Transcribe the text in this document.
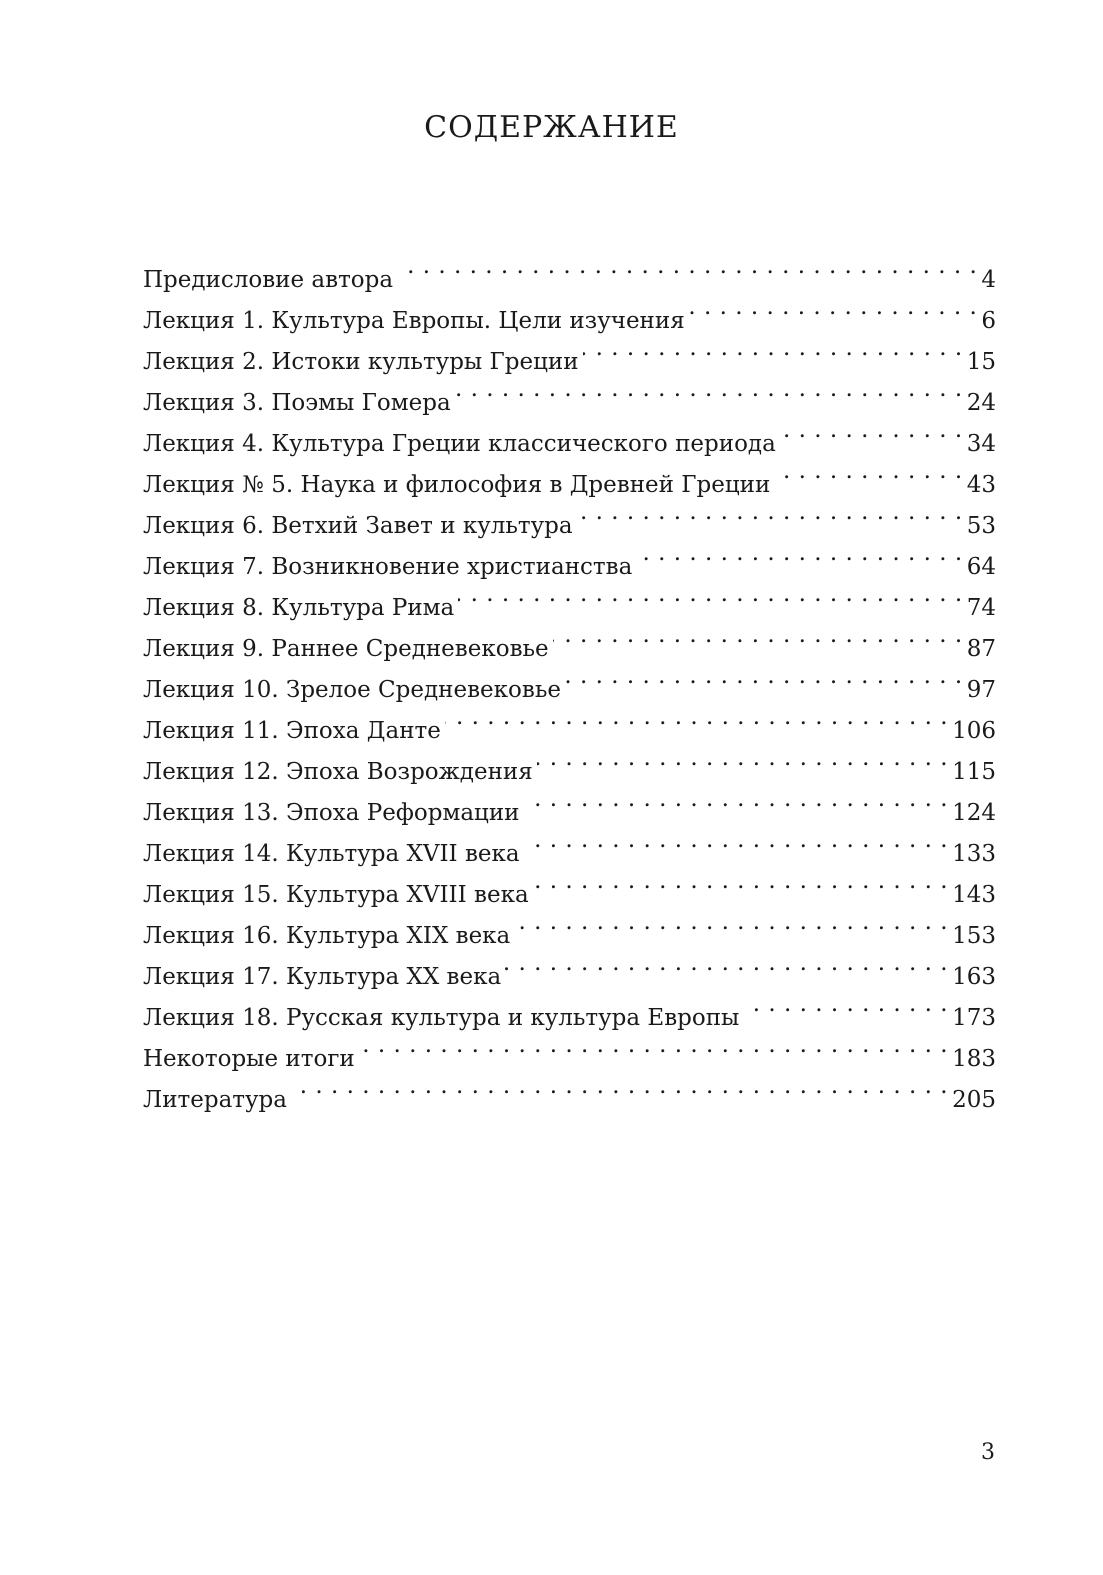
СОДЕРЖАНИЕ
Предисловие автора . . .	4
Лекция 1. Культура Европы. Цели изучения . . .	6
Лекция 2. Истоки культуры Греции . . .	15
Лекция 3. Поэмы Гомера . . .	24
Лекция 4. Культура Греции классического периода . . .	34
Лекция № 5. Наука и философия в Древней Греции . . .	43
Лекция 6. Ветхий Завет и культура . . .	53
Лекция 7. Возникновение христианства . . .	64
Лекция 8. Культура Рима . . .	74
Лекция 9. Раннее Средневековье . . .	87
Лекция 10. Зрелое Средневековье . . .	97
Лекция 11. Эпоха Данте . . .	106
Лекция 12. Эпоха Возрождения . . .	115
Лекция 13. Эпоха Реформации . . .	124
Лекция 14. Культура XVII века . . .	133
Лекция 15. Культура XVIII века . . .	143
Лекция 16. Культура XIX века . . .	153
Лекция 17. Культура XX века . . .	163
Лекция 18. Русская культура и культура Европы . . .	173
Некоторые итоги . . .	183
Литература . . .	205
3
